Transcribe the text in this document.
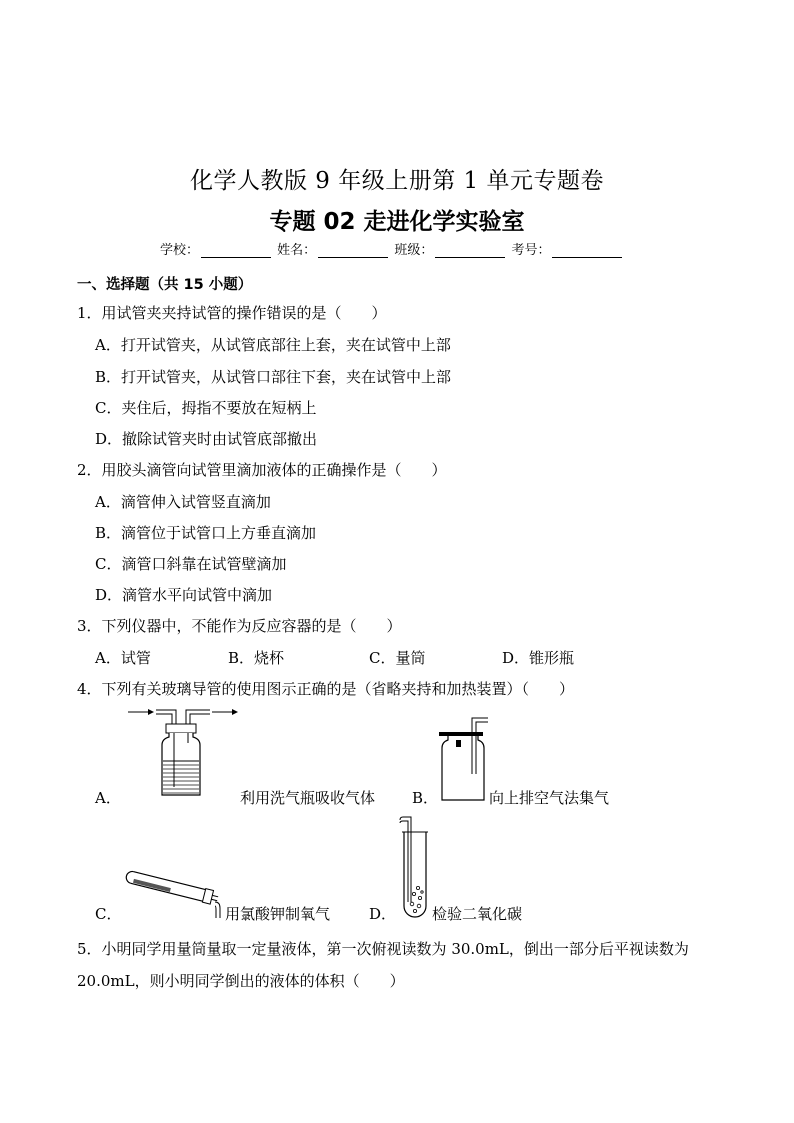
化学人教版 9 年级上册第 1 单元专题卷
专题 02 走进化学实验室
学校：	姓名：	班级：	考号：
一、选择题（共 15 小题）
1．用试管夹夹持试管的操作错误的是（　　）
A．打开试管夹，从试管底部往上套，夹在试管中上部
B．打开试管夹，从试管口部往下套，夹在试管中上部
C．夹住后，拇指不要放在短柄上
D．撤除试管夹时由试管底部撤出
2．用胶头滴管向试管里滴加液体的正确操作是（　　）
A．滴管伸入试管竖直滴加
B．滴管位于试管口上方垂直滴加
C．滴管口斜靠在试管壁滴加
D．滴管水平向试管中滴加
3．下列仪器中，不能作为反应容器的是（　　）
A．试管	B．烧杯	C．量筒	D．锥形瓶
4．下列有关玻璃导管的使用图示正确的是（省略夹持和加热装置）（　　）
A．	利用洗气瓶吸收气体 B．	向上排空气法集气
C．	用氯酸钾制氧气	D． 检验二氧化碳
5．小明同学用量筒量取一定量液体，第一次俯视读数为 30.0mL，倒出一部分后平视读数为
20.0mL，则小明同学倒出的液体的体积（　　）
